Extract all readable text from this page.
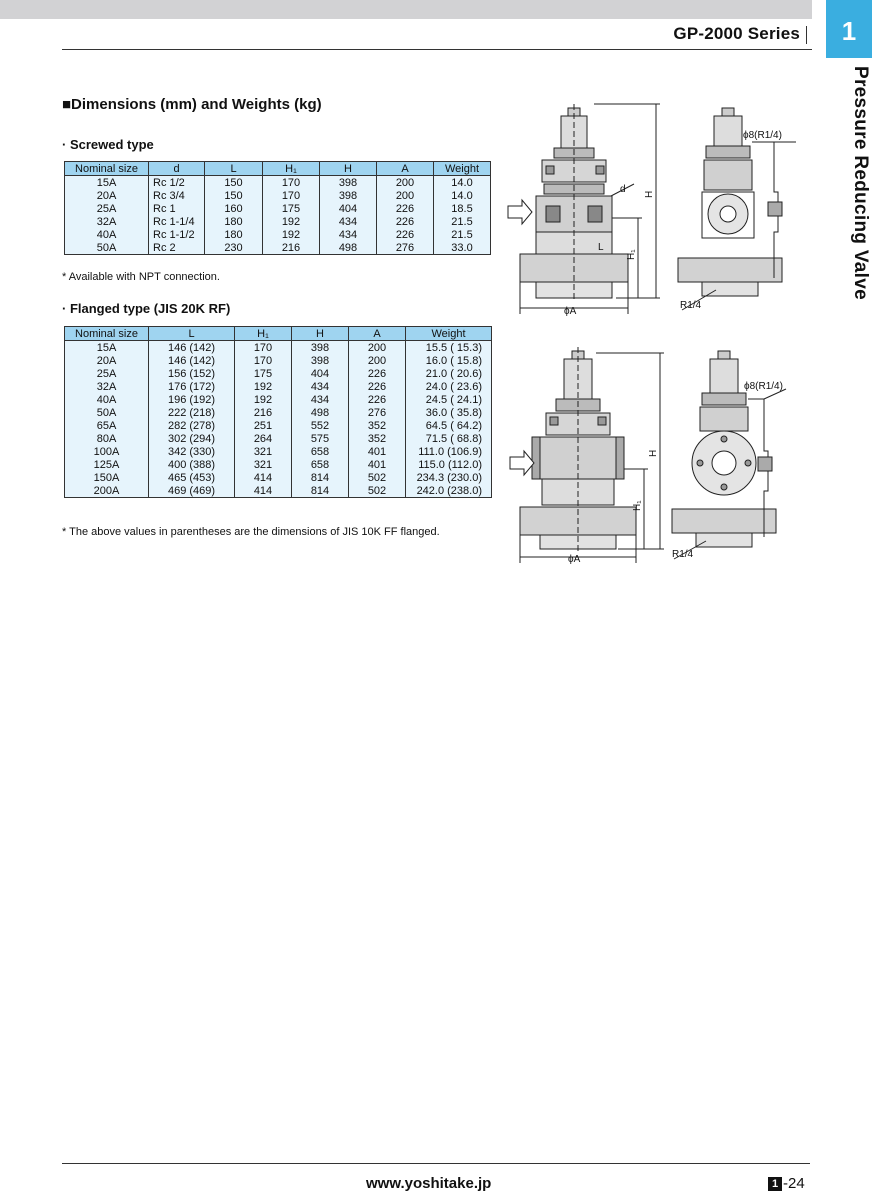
GP-2000 Series	1
Pressure Reducing Valve
■Dimensions (mm) and Weights (kg)
· Screwed type
Nominal size	d	L	H₁	H	A	Weight
15A	Rc 1/2	150	170	398	200	14.0
20A	Rc 3/4	150	170	398	200	14.0
25A	Rc 1	160	175	404	226	18.5
32A	Rc 1-1/4	180	192	434	226	21.5
40A	Rc 1-1/2	180	192	434	226	21.5
50A	Rc 2	230	216	498	276	33.0
* Available with NPT connection.
· Flanged type (JIS 20K RF)
Nominal size	L	H₁	H	A	Weight
15A	146 (142)	170	398	200	15.5 ( 15.3)
20A	146 (142)	170	398	200	16.0 ( 15.8)
25A	156 (152)	175	404	226	21.0 ( 20.6)
32A	176 (172)	192	434	226	24.0 ( 23.6)
40A	196 (192)	192	434	226	24.5 ( 24.1)
50A	222 (218)	216	498	276	36.0 ( 35.8)
65A	282 (278)	251	552	352	64.5 ( 64.2)
80A	302 (294)	264	575	352	71.5 ( 68.8)
100A	342 (330)	321	658	401	111.0 (106.9)
125A	400 (388)	321	658	401	115.0 (112.0)
150A	465 (453)	414	814	502	234.3 (230.0)
200A	469 (469)	414	814	502	242.0 (238.0)
* The above values in parentheses are the dimensions of JIS 10K FF flanged.
ϕ8(R1/4)
d
L
H
H₁
ϕA
R1/4
ϕ8(R1/4)
H
H₁
ϕA	R1/4
www.yoshitake.jp	1 -24
